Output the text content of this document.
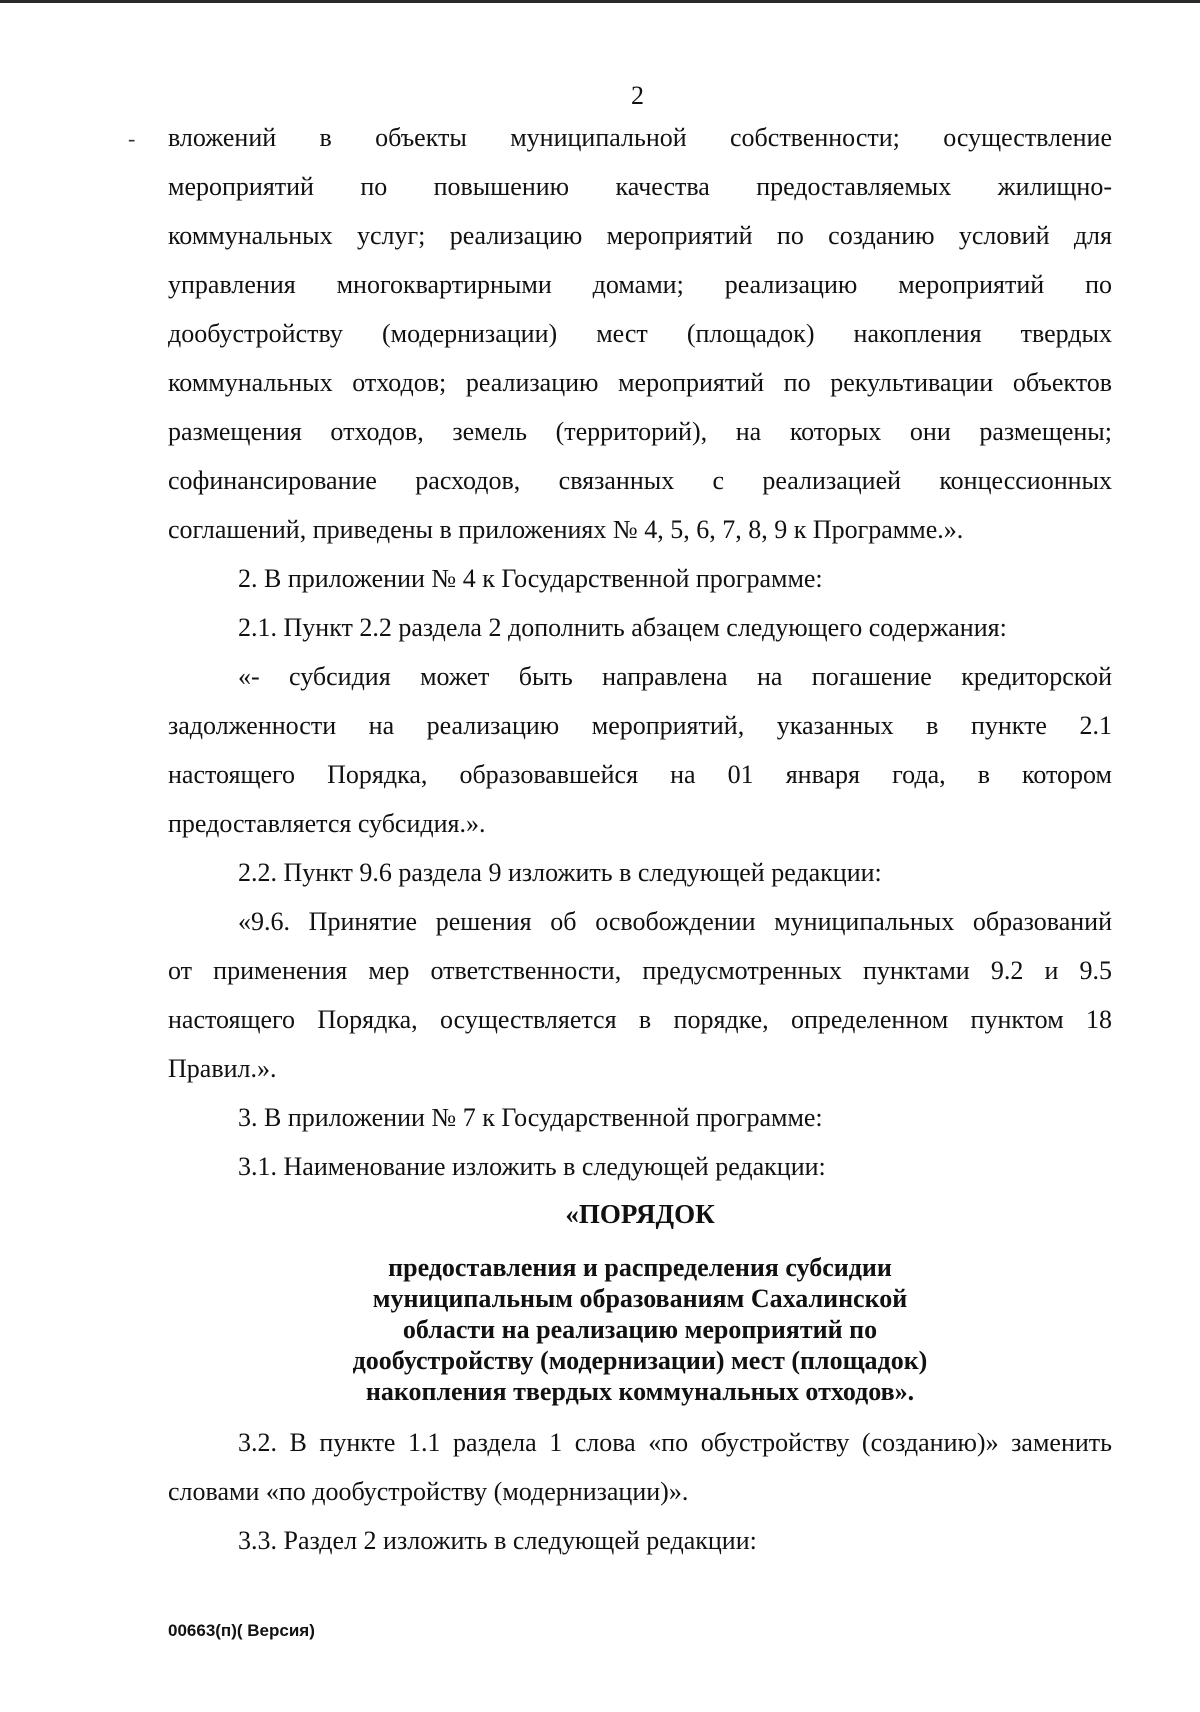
2
- вложений в объекты муниципальной собственности; осуществление

мероприятий по повышению качества предоставляемых жилищно-

коммунальных услуг; реализацию мероприятий по созданию условий для

управления многоквартирными домами; реализацию мероприятий по

дообустройству (модернизации) мест (площадок) накопления твердых

коммунальных отходов; реализацию мероприятий по рекультивации объектов

размещения отходов, земель (территорий), на которых они размещены;

софинансирование расходов, связанных с реализацией концессионных

соглашений, приведены в приложениях № 4, 5, 6, 7, 8, 9 к Программе.».

2. В приложении № 4 к Государственной программе:

2.1. Пункт 2.2 раздела 2 дополнить абзацем следующего содержания:

«- субсидия может быть направлена на погашение кредиторской

задолженности на реализацию мероприятий, указанных в пункте 2.1

настоящего Порядка, образовавшейся на 01 января года, в котором

предоставляется субсидия.».

2.2. Пункт 9.6 раздела 9 изложить в следующей редакции:

«9.6. Принятие решения об освобождении муниципальных образований

от применения мер ответственности, предусмотренных пунктами 9.2 и 9.5

настоящего Порядка, осуществляется в порядке, определенном пунктом 18

Правил.».

3. В приложении № 7 к Государственной программе:

3.1. Наименование изложить в следующей редакции:

«ПОРЯДОК

предоставления и распределения субсидии
муниципальным образованиям Сахалинской
области на реализацию мероприятий по
дообустройству (модернизации) мест (площадок)
накопления твердых коммунальных отходов».

3.2. В пункте 1.1 раздела 1 слова «по обустройству (созданию)» заменить

словами «по дообустройству (модернизации)».

3.3. Раздел 2 изложить в следующей редакции:

00663(п)( Версия)
